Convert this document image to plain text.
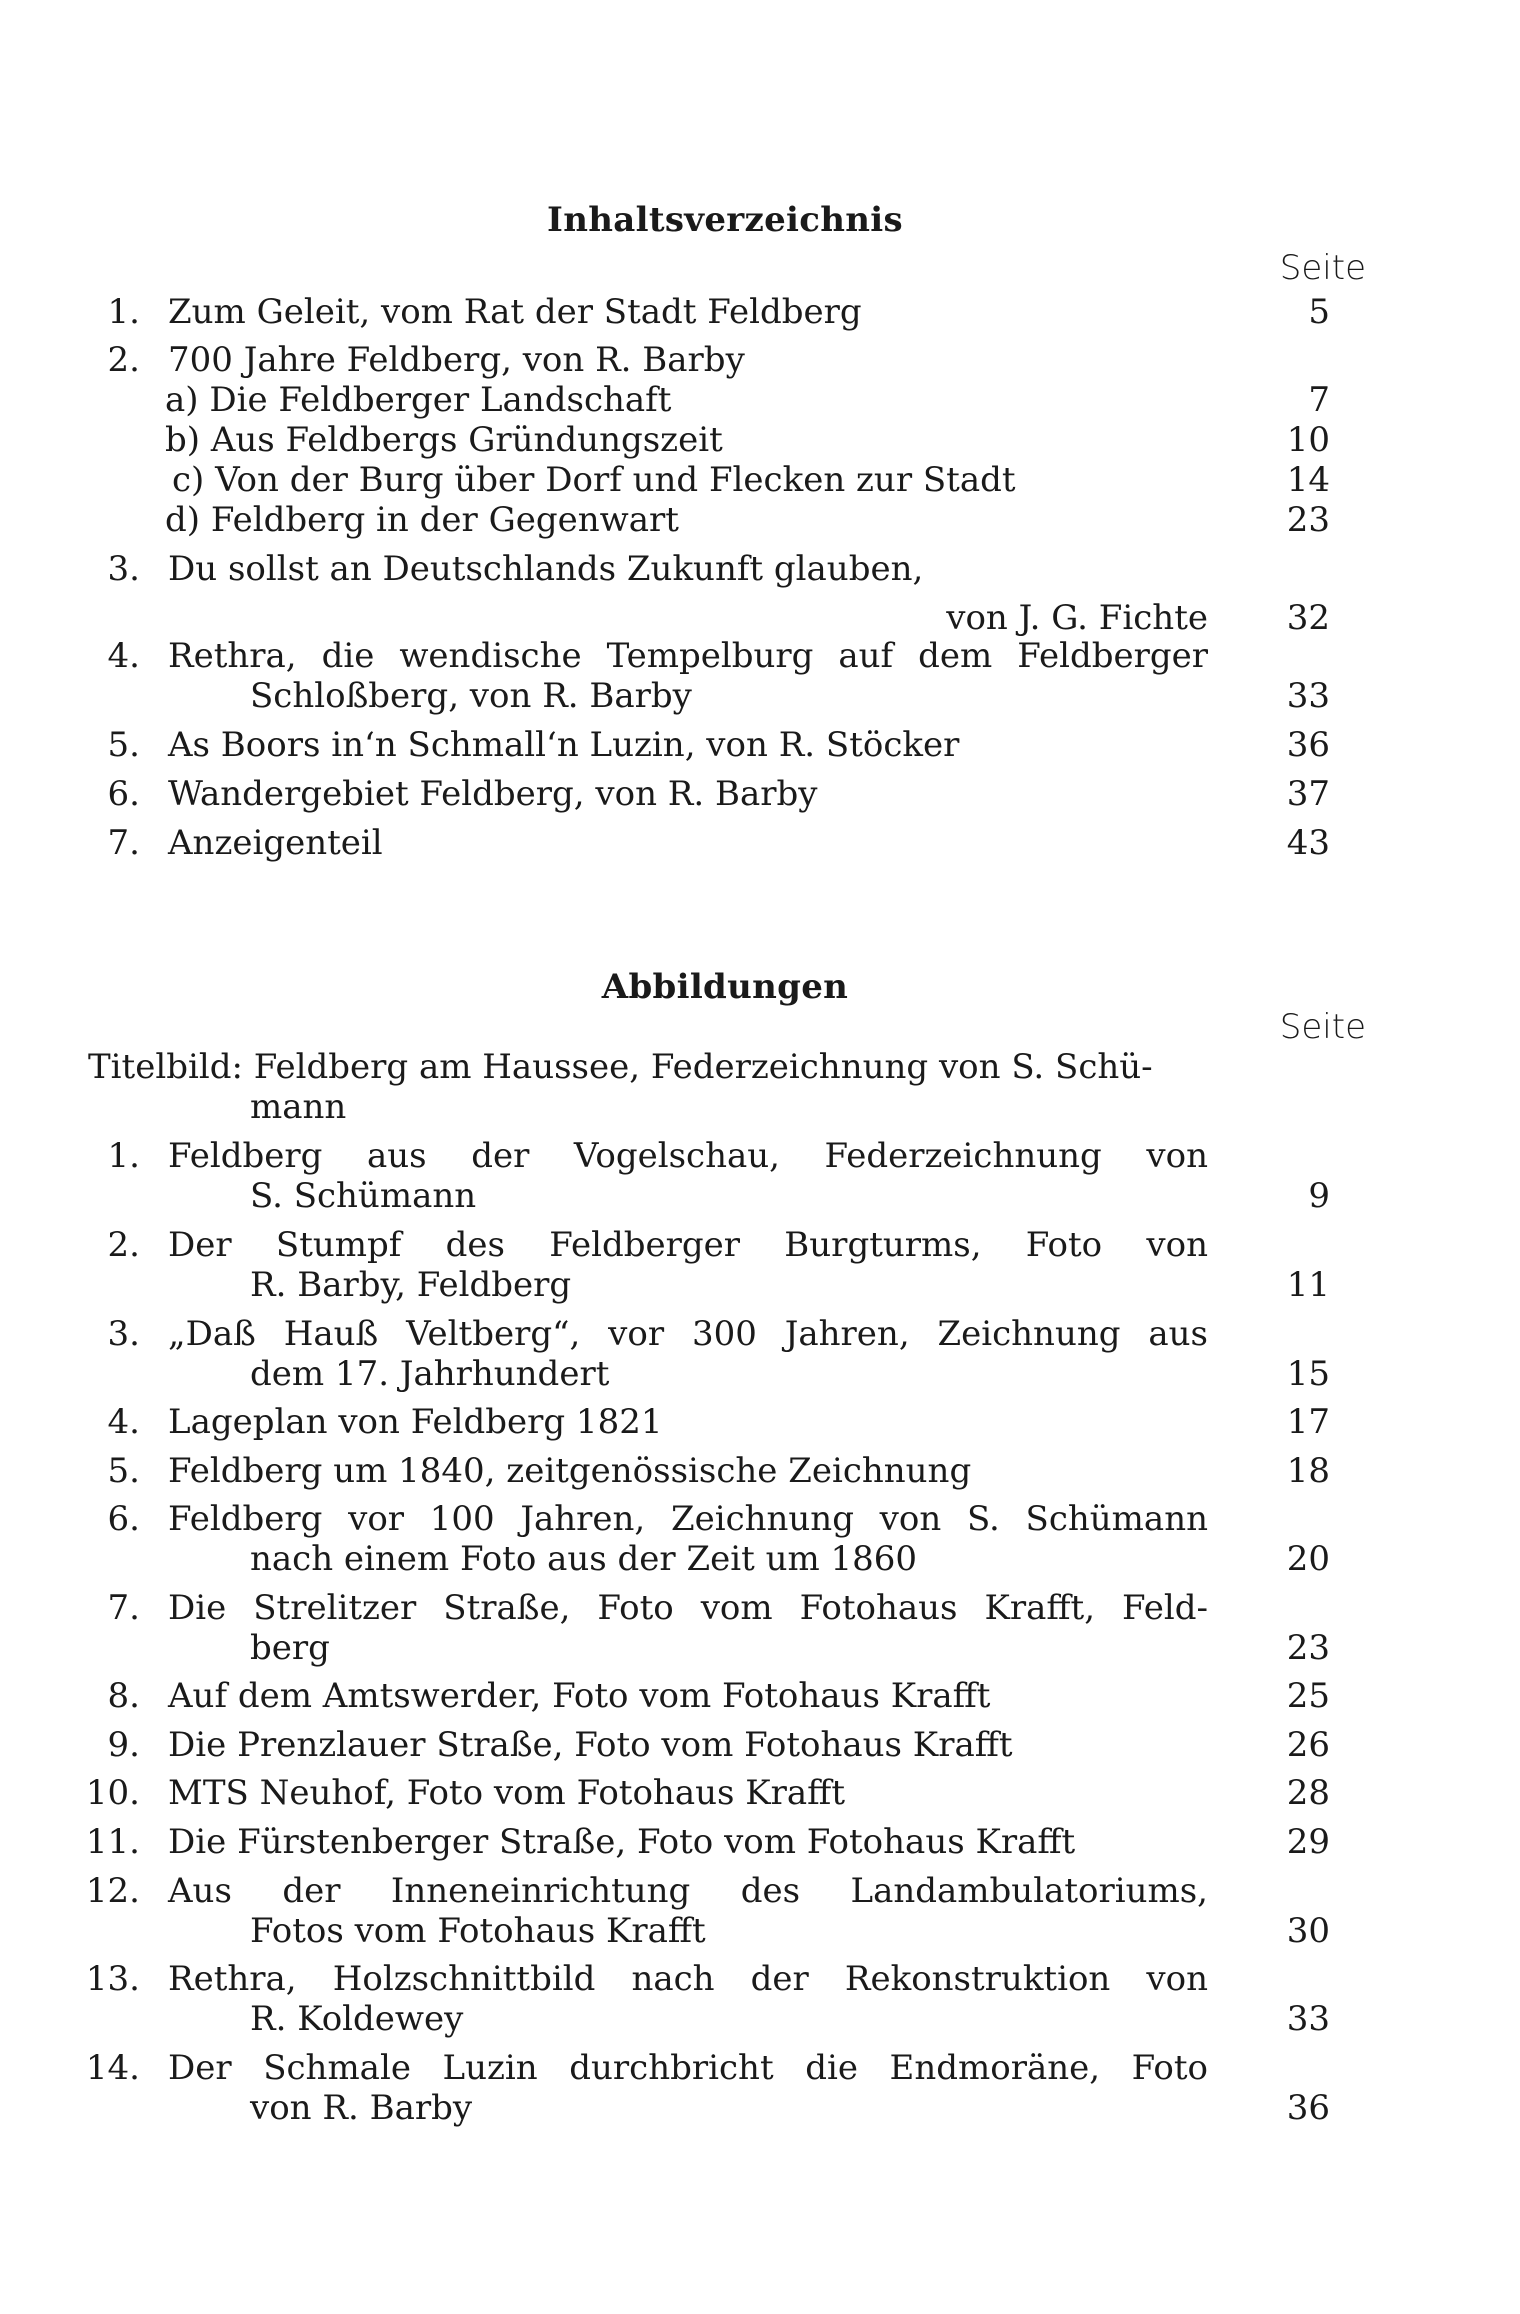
Inhaltsverzeichnis
Seite
1. Zum Geleit, vom Rat der Stadt Feldberg	5
2. 700 Jahre Feldberg, von R. Barby
a) Die Feldberger Landschaft	7
b) Aus Feldbergs Gründungszeit	10
c) Von der Burg über Dorf und Flecken zur Stadt	14
d) Feldberg in der Gegenwart	23
3. Du sollst an Deutschlands Zukunft glauben,
von J. G. Fichte 32
4. Rethra, die wendische Tempelburg auf dem Feldberger
Schloßberg, von R. Barby	33
5. As Boors in‘n Schmall‘n Luzin, von R. Stöcker	36
6. Wandergebiet Feldberg, von R. Barby	37
7. Anzeigenteil	43
Abbildungen
Seite
Titelbild: Feldberg am Haussee, Federzeichnung von S. Schü-
mann
1. Feldberg aus der Vogelschau, Federzeichnung von
S. Schümann	9
2. Der Stumpf des Feldberger Burgturms, Foto von
R. Barby, Feldberg	11
3. „Daß Hauß Veltberg“, vor 300 Jahren, Zeichnung aus
dem 17. Jahrhundert	15
4. Lageplan von Feldberg 1821	17
5. Feldberg um 1840, zeitgenössische Zeichnung	18
6. Feldberg vor 100 Jahren, Zeichnung von S. Schümann
nach einem Foto aus der Zeit um 1860	20
7. Die Strelitzer Straße, Foto vom Fotohaus Krafft, Feld-
berg	23
8. Auf dem Amtswerder, Foto vom Fotohaus Krafft	25
9. Die Prenzlauer Straße, Foto vom Fotohaus Krafft	26
10. MTS Neuhof, Foto vom Fotohaus Krafft	28
11. Die Fürstenberger Straße, Foto vom Fotohaus Krafft	29
12. Aus der Inneneinrichtung des Landambulatoriums,
Fotos vom Fotohaus Krafft	30
13. Rethra, Holzschnittbild nach der Rekonstruktion von
R. Koldewey	33
14. Der Schmale Luzin durchbricht die Endmoräne, Foto
von R. Barby	36
